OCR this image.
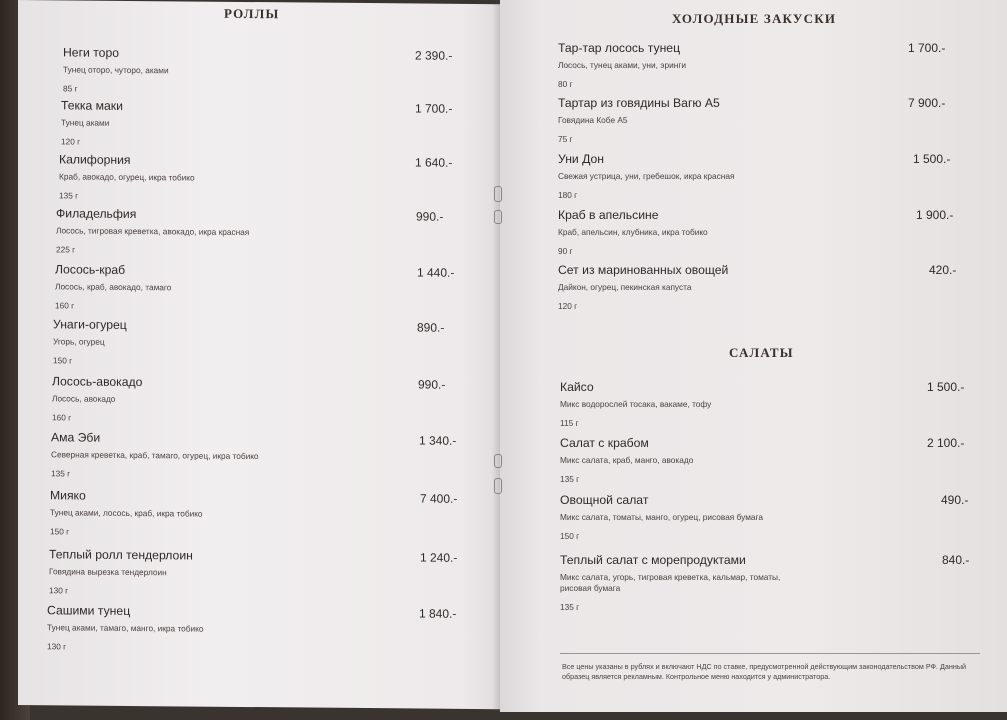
РОЛЛЫ
Неги торо
Тунец оторо, чуторо, аками
85 г
2 390.-
Текка маки
Тунец аками
120 г
1 700.-
Калифорния
Краб, авокадо, огурец, икра тобико
135 г
1 640.-
Филадельфия
Лосось, тигровая креветка, авокадо, икра красная
225 г
990.-
Лосось-краб
Лосось, краб, авокадо, тамаго
160 г
1 440.-
Унаги-огурец
Угорь, огурец
150 г
890.-
Лосось-авокадо
Лосось, авокадо
160 г
990.-
Ама Эби
Северная креветка, краб, тамаго, огурец, икра тобико
135 г
1 340.-
Мияко
Тунец аками, лосось, краб, икра тобико
150 г
7 400.-
Теплый ролл тендерлоин
Говядина вырезка тендерлоин
130 г
1 240.-
Сашими тунец
Тунец аками, тамаго, манго, икра тобико
130 г
1 840.-
ХОЛОДНЫЕ ЗАКУСКИ
Тар-тар лосось тунец
Лосось, тунец аками, уни, эринги
80 г
1 700.-
Тартар из говядины Вагю А5
Говядина Кобе А5
75 г
7 900.-
Уни Дон
Свежая устрица, уни, гребешок, икра красная
180 г
1 500.-
Краб в апельсине
Краб, апельсин, клубника, икра тобико
90 г
1 900.-
Сет из маринованных овощей
Дайкон, огурец, пекинская капуста
120 г
420.-
САЛАТЫ
Кайсо
Микс водорослей тосака, вакаме, тофу
115 г
1 500.-
Салат с крабом
Микс салата, краб, манго, авокадо
135 г
2 100.-
Овощной салат
Микс салата, томаты, манго, огурец, рисовая бумага
150 г
490.-
Теплый салат с морепродуктами
Микс салата, угорь, тигровая креветка, кальмар, томаты,
рисовая бумага
135 г
840.-
Все цены указаны в рублях и включают НДС по ставке, предусмотренной действующим законодательством РФ. Данный образец является рекламным. Контрольное меню находится у администратора.
